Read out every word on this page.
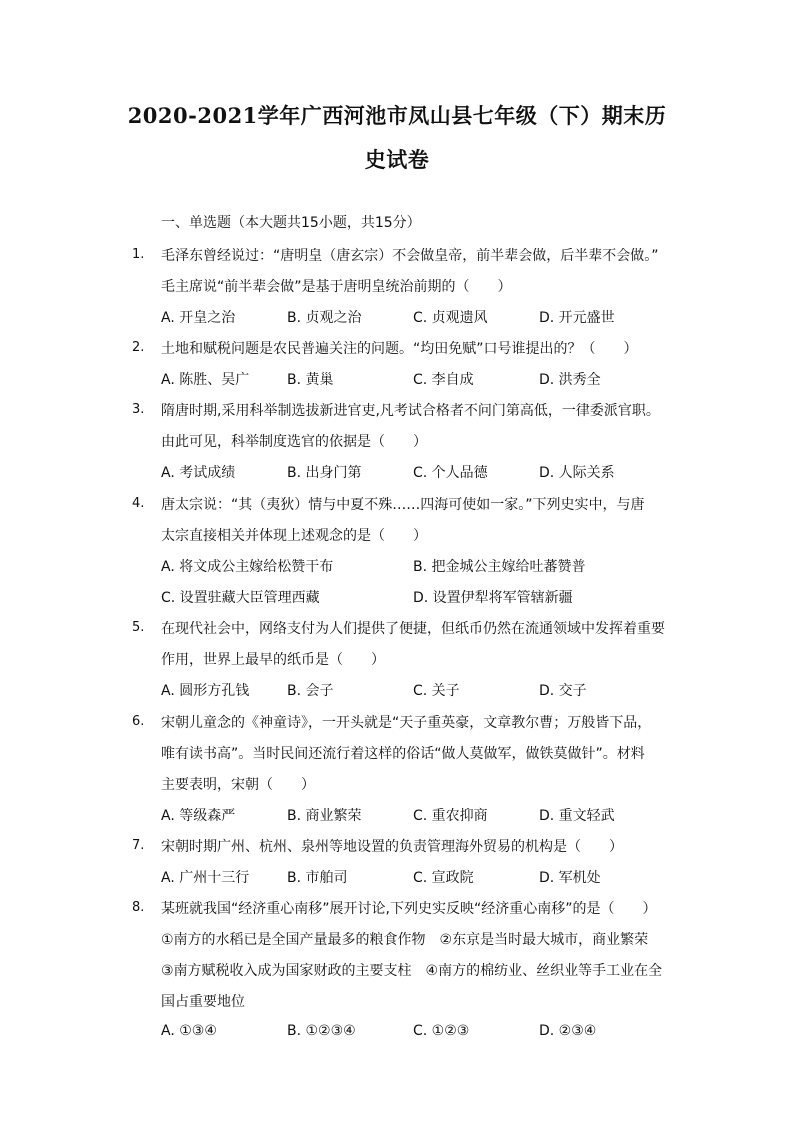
2020-2021学年广西河池市凤山县七年级（下）期末历
史试卷
一、单选题（本大题共15小题，共15分）
1. 毛泽东曾经说过：“唐明皇（唐玄宗）不会做皇帝，前半辈会做，后半辈不会做。”
毛主席说“前半辈会做”是基于唐明皇统治前期的（　　）
A. 开皇之治	B. 贞观之治	C. 贞观遗风	D. 开元盛世
2. 土地和赋税问题是农民普遍关注的问题。“均田免赋”口号谁提出的？（　　）
A. 陈胜、吴广	B. 黄巢	C. 李自成	D. 洪秀全
3. 隋唐时期,采用科举制选拔新进官吏,凡考试合格者不问门第高低，一律委派官职。
由此可见，科举制度选官的依据是（　　）
A. 考试成绩	B. 出身门第	C. 个人品德	D. 人际关系
4. 唐太宗说：“其（夷狄）情与中夏不殊……四海可使如一家。”下列史实中，与唐
太宗直接相关并体现上述观念的是（　　）
A. 将文成公主嫁给松赞干布	B. 把金城公主嫁给吐蕃赞普
C. 设置驻藏大臣管理西藏	D. 设置伊犁将军管辖新疆
5. 在现代社会中，网络支付为人们提供了便捷，但纸币仍然在流通领域中发挥着重要
作用，世界上最早的纸币是（　　）
A. 圆形方孔钱	B. 会子	C. 关子	D. 交子
6. 宋朝儿童念的《神童诗》，一开头就是“天子重英豪，文章教尔曹；万般皆下品，
唯有读书高”。当时民间还流行着这样的俗话“做人莫做军，做铁莫做针”。材料
主要表明，宋朝（　　）
A. 等级森严	B. 商业繁荣	C. 重农抑商	D. 重文轻武
7. 宋朝时期广州、杭州、泉州等地设置的负责管理海外贸易的机构是（　　）
A. 广州十三行	B. 市舶司	C. 宣政院	D. 军机处
8. 某班就我国“经济重心南移”展开讨论,下列史实反映“经济重心南移”的是（　　）
①南方的水稻已是全国产量最多的粮食作物　②东京是当时最大城市，商业繁荣
③南方赋税收入成为国家财政的主要支柱　④南方的棉纺业、丝织业等手工业在全
国占重要地位
A. ①③④	B. ①②③④	C. ①②③	D. ②③④
